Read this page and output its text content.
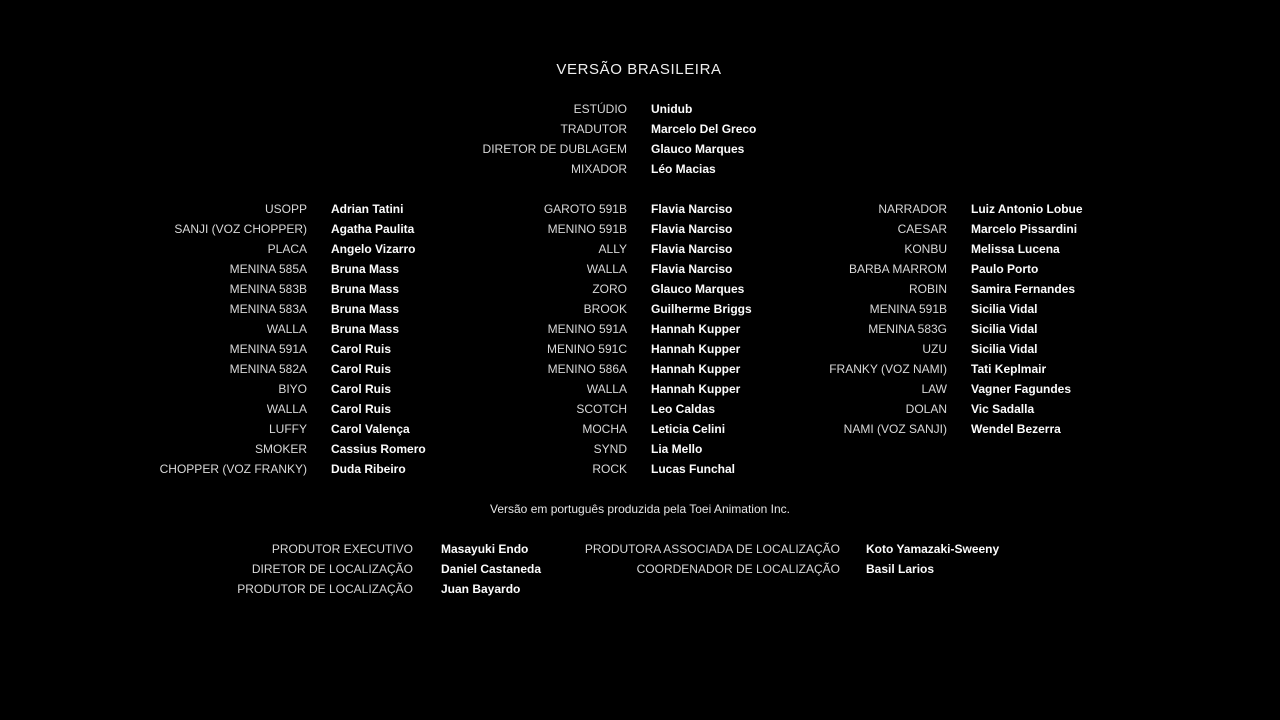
VERSÃO BRASILEIRA
ESTÚDIO Unidub
TRADUTOR Marcelo Del Greco
DIRETOR DE DUBLAGEM Glauco Marques
MIXADOR Léo Macias
USOPP Adrian Tatini
SANJI (VOZ CHOPPER) Agatha Paulita
PLACA Angelo Vizarro
MENINA 585A Bruna Mass
MENINA 583B Bruna Mass
MENINA 583A Bruna Mass
WALLA Bruna Mass
MENINA 591A Carol Ruis
MENINA 582A Carol Ruis
BIYO Carol Ruis
WALLA Carol Ruis
LUFFY Carol Valença
SMOKER Cassius Romero
CHOPPER (VOZ FRANKY) Duda Ribeiro
GAROTO 591B Flavia Narciso
MENINO 591B Flavia Narciso
ALLY Flavia Narciso
WALLA Flavia Narciso
ZORO Glauco Marques
BROOK Guilherme Briggs
MENINO 591A Hannah Kupper
MENINO 591C Hannah Kupper
MENINO 586A Hannah Kupper
WALLA Hannah Kupper
SCOTCH Leo Caldas
MOCHA Leticia Celini
SYND Lia Mello
ROCK Lucas Funchal
NARRADOR Luiz Antonio Lobue
CAESAR Marcelo Pissardini
KONBU Melissa Lucena
BARBA MARROM Paulo Porto
ROBIN Samira Fernandes
MENINA 591B Sicilia Vidal
MENINA 583G Sicilia Vidal
UZU Sicilia Vidal
FRANKY (VOZ NAMI) Tati Keplmair
LAW Vagner Fagundes
DOLAN Vic Sadalla
NAMI (VOZ SANJI) Wendel Bezerra
Versão em português produzida pela Toei Animation Inc.
PRODUTOR EXECUTIVO Masayuki Endo
DIRETOR DE LOCALIZAÇÃO Daniel Castaneda
PRODUTOR DE LOCALIZAÇÃO Juan Bayardo
PRODUTORA ASSOCIADA DE LOCALIZAÇÃO Koto Yamazaki-Sweeny
COORDENADOR DE LOCALIZAÇÃO Basil Larios
